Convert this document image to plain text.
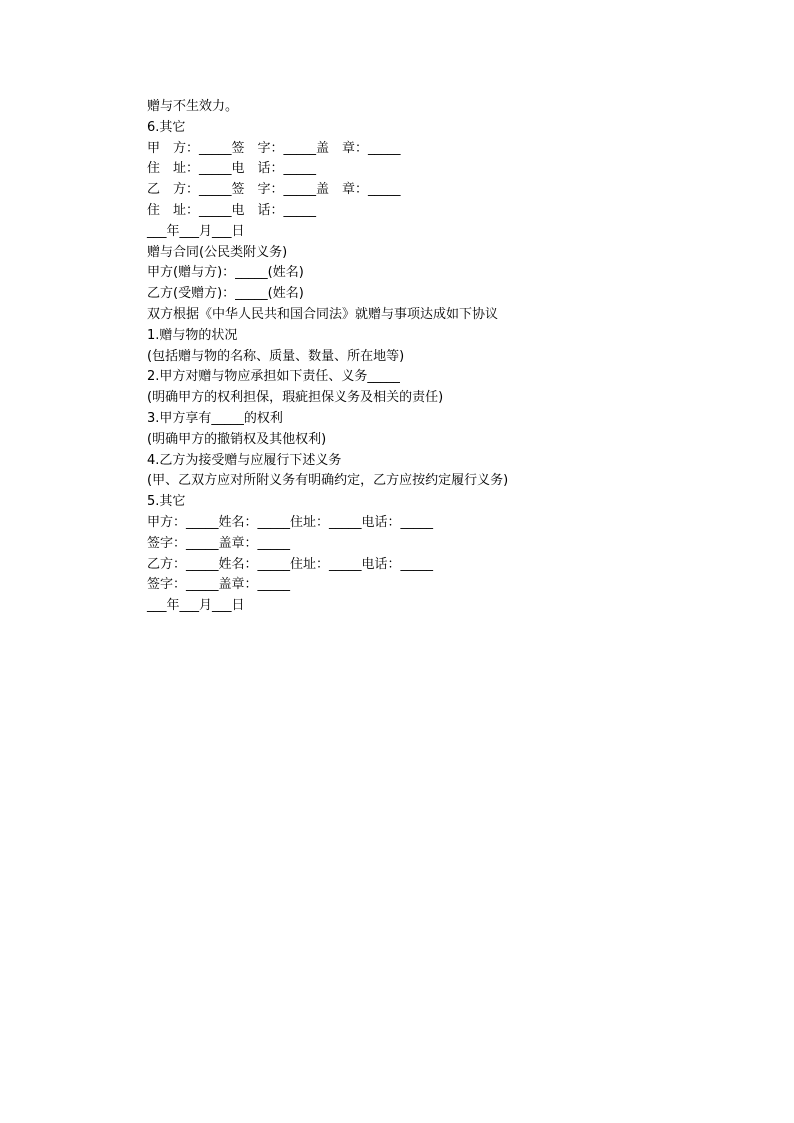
赠与不生效力。
6.其它
甲　方：_____签　字：_____盖　章：_____
住　址：_____电　话：_____
乙　方：_____签　字：_____盖　章：_____
住　址：_____电　话：_____
___年___月___日
赠与合同(公民类附义务)
甲方(赠与方)：_____(姓名)
乙方(受赠方)：_____(姓名)
双方根据《中华人民共和国合同法》就赠与事项达成如下协议
1.赠与物的状况
(包括赠与物的名称、质量、数量、所在地等)
2.甲方对赠与物应承担如下责任、义务_____
(明确甲方的权利担保，瑕疵担保义务及相关的责任)
3.甲方享有_____的权利
(明确甲方的撤销权及其他权利)
4.乙方为接受赠与应履行下述义务
(甲、乙双方应对所附义务有明确约定，乙方应按约定履行义务)
5.其它
甲方：_____姓名：_____住址：_____电话：_____
签字：_____盖章：_____
乙方：_____姓名：_____住址：_____电话：_____
签字：_____盖章：_____
___年___月___日
